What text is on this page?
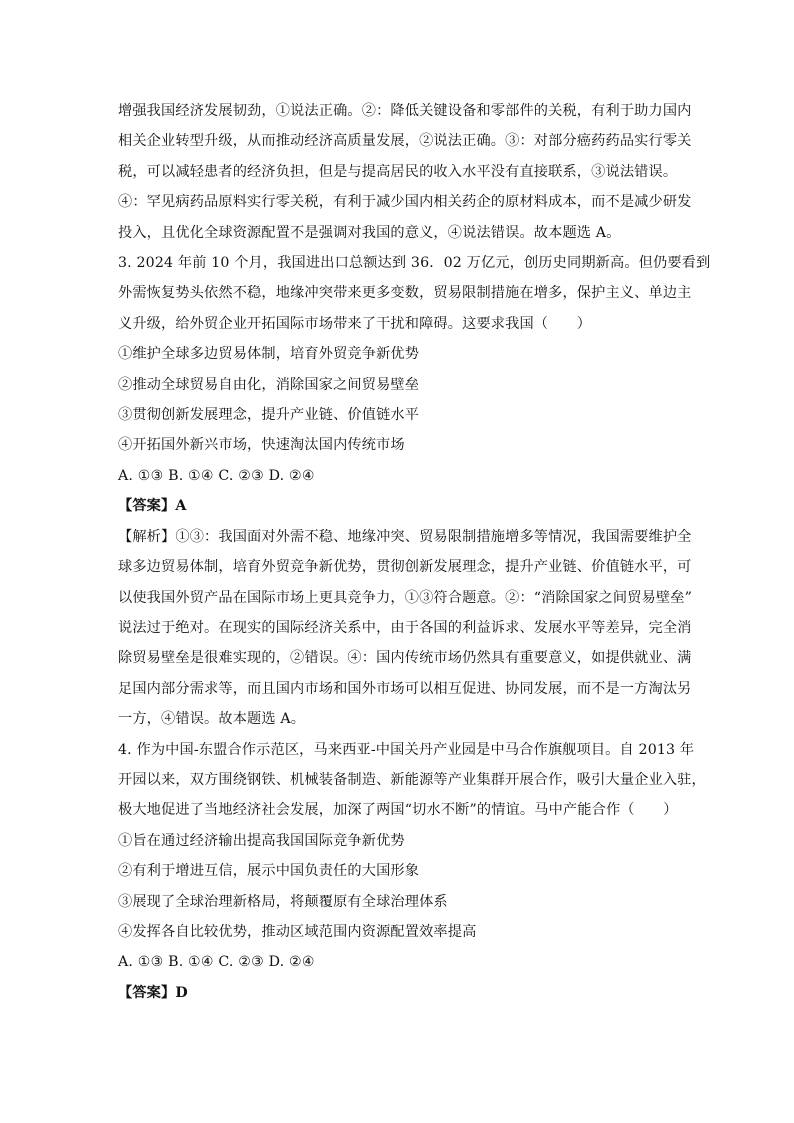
增强我国经济发展韧劲，①说法正确。②：降低关键设备和零部件的关税，有利于助力国内
相关企业转型升级，从而推动经济高质量发展，②说法正确。③：对部分癌药药品实行零关
税，可以减轻患者的经济负担，但是与提高居民的收入水平没有直接联系，③说法错误。
④：罕见病药品原料实行零关税，有利于减少国内相关药企的原材料成本，而不是减少研发
投入，且优化全球资源配置不是强调对我国的意义，④说法错误。故本题选 A。
3. 2024 年前 10 个月，我国进出口总额达到 36．02 万亿元，创历史同期新高。但仍要看到
外需恢复势头依然不稳，地缘冲突带来更多变数，贸易限制措施在增多，保护主义、单边主
义升级，给外贸企业开拓国际市场带来了干扰和障碍。这要求我国（　　）
①维护全球多边贸易体制，培育外贸竞争新优势
②推动全球贸易自由化，消除国家之间贸易壁垒
③贯彻创新发展理念，提升产业链、价值链水平
④开拓国外新兴市场，快速淘汰国内传统市场
A. ①③ B. ①④ C. ②③ D. ②④
【答案】A
【解析】①③：我国面对外需不稳、地缘冲突、贸易限制措施增多等情况，我国需要维护全
球多边贸易体制，培育外贸竞争新优势，贯彻创新发展理念，提升产业链、价值链水平，可
以使我国外贸产品在国际市场上更具竞争力，①③符合题意。②：“消除国家之间贸易壁垒”
说法过于绝对。在现实的国际经济关系中，由于各国的利益诉求、发展水平等差异，完全消
除贸易壁垒是很难实现的，②错误。④：国内传统市场仍然具有重要意义，如提供就业、满
足国内部分需求等，而且国内市场和国外市场可以相互促进、协同发展，而不是一方淘汰另
一方，④错误。故本题选 A。
4. 作为中国-东盟合作示范区，马来西亚-中国关丹产业园是中马合作旗舰项目。自 2013 年
开园以来，双方围绕钢铁、机械装备制造、新能源等产业集群开展合作，吸引大量企业入驻，
极大地促进了当地经济社会发展，加深了两国“切水不断”的情谊。马中产能合作（　　）
①旨在通过经济输出提高我国国际竞争新优势
②有利于增进互信，展示中国负责任的大国形象
③展现了全球治理新格局，将颠覆原有全球治理体系
④发挥各自比较优势，推动区域范围内资源配置效率提高
A. ①③ B. ①④ C. ②③ D. ②④
【答案】D
